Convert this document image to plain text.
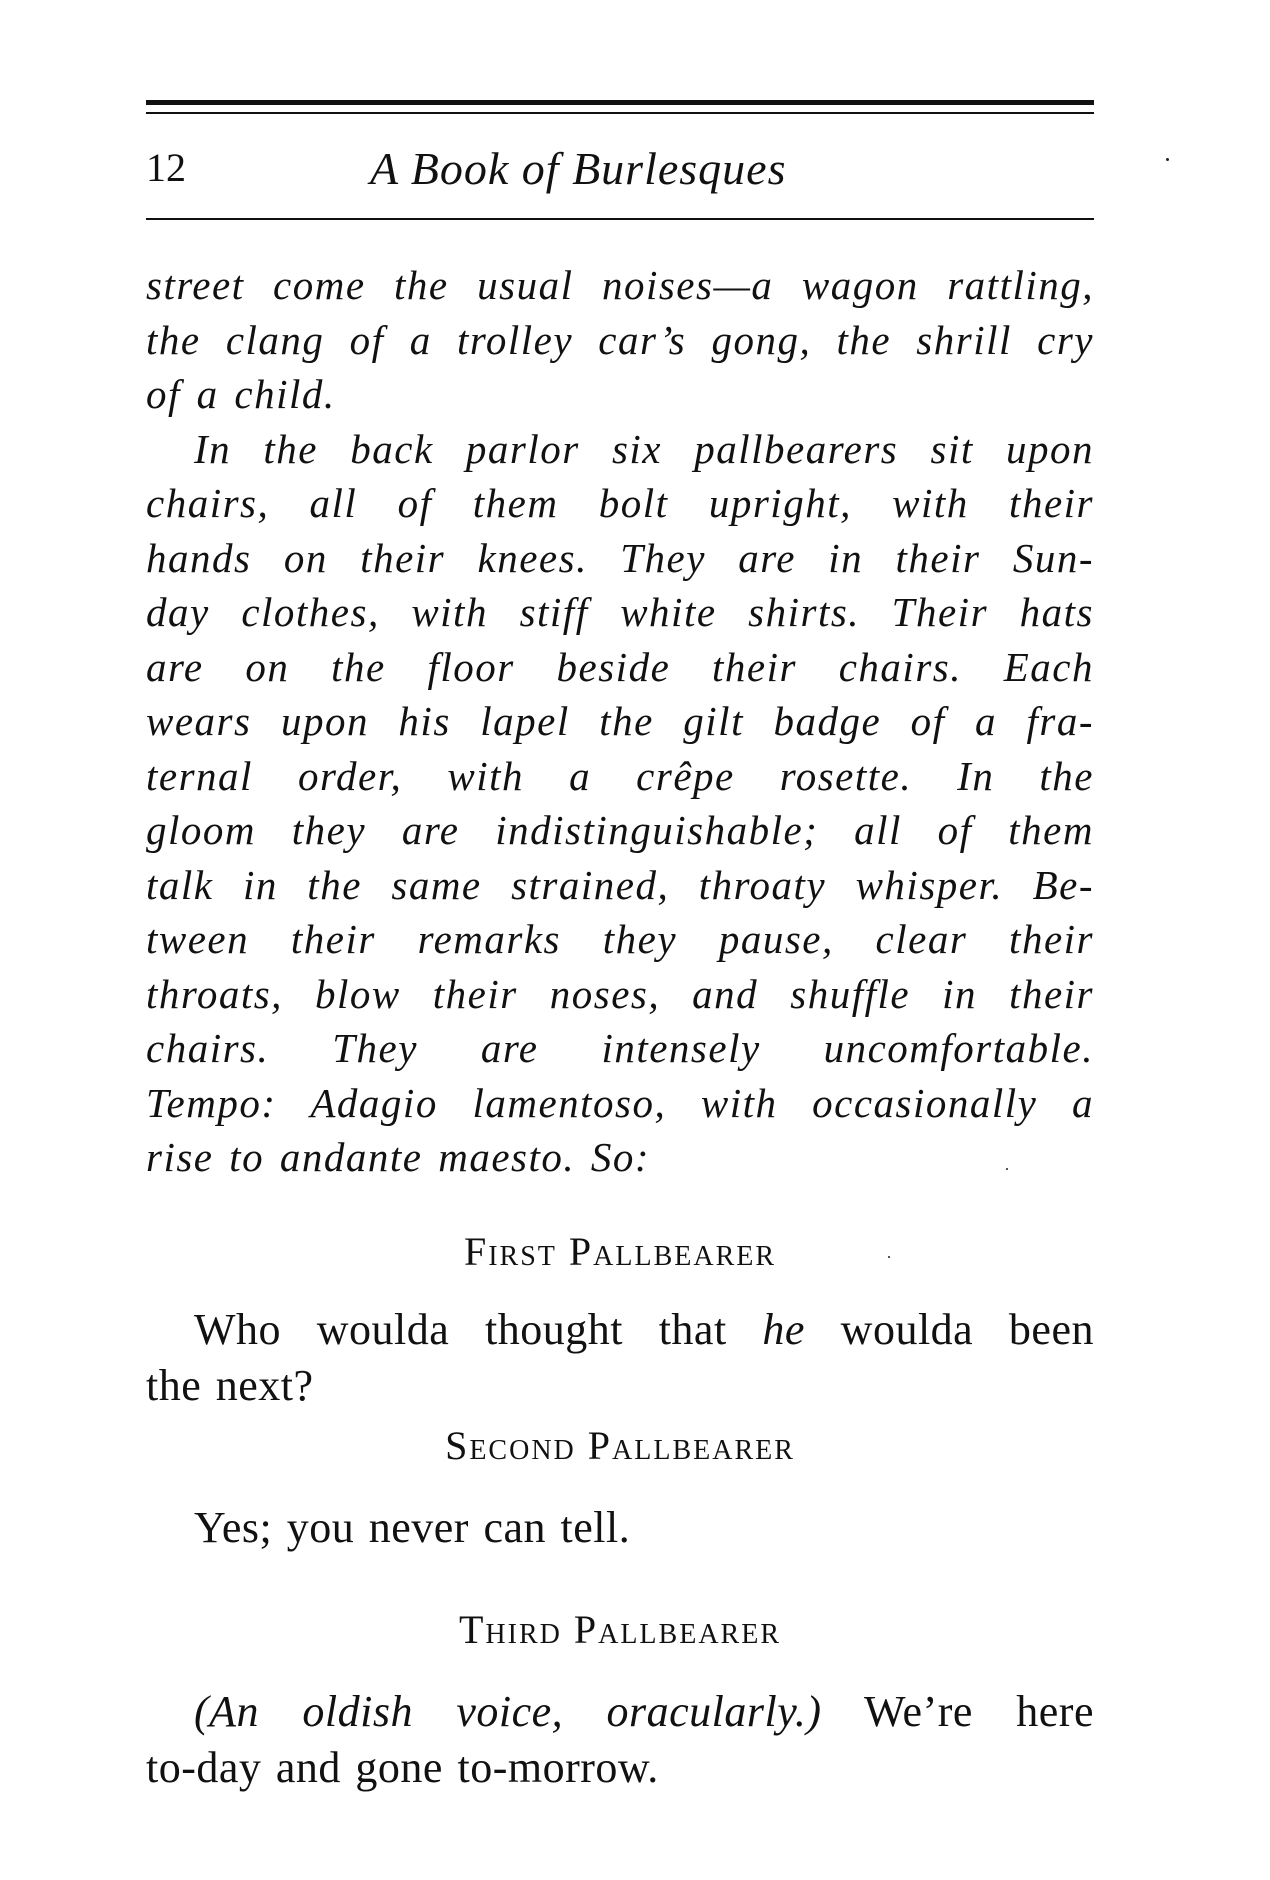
12	A Book of Burlesques
street come the usual noises—a wagon rattling,
the clang of a trolley car’s gong, the shrill cry
of a child.
In the back parlor six pallbearers sit upon
chairs, all of them bolt upright, with their
hands on their knees. They are in their Sun-
day clothes, with stiff white shirts. Their hats
are on the floor beside their chairs. Each
wears upon his lapel the gilt badge of a fra-
ternal order, with a crêpe rosette. In the
gloom they are indistinguishable; all of them
talk in the same strained, throaty whisper. Be-
tween their remarks they pause, clear their
throats, blow their noses, and shuffle in their
chairs. They are intensely uncomfortable.
Tempo: Adagio lamentoso, with occasionally a
rise to andante maesto. So:
First Pallbearer
Who woulda thought that he woulda been
the next?
Second Pallbearer
Yes; you never can tell.
Third Pallbearer
(An oldish voice, oracularly.) We’re here
to-day and gone to-morrow.
